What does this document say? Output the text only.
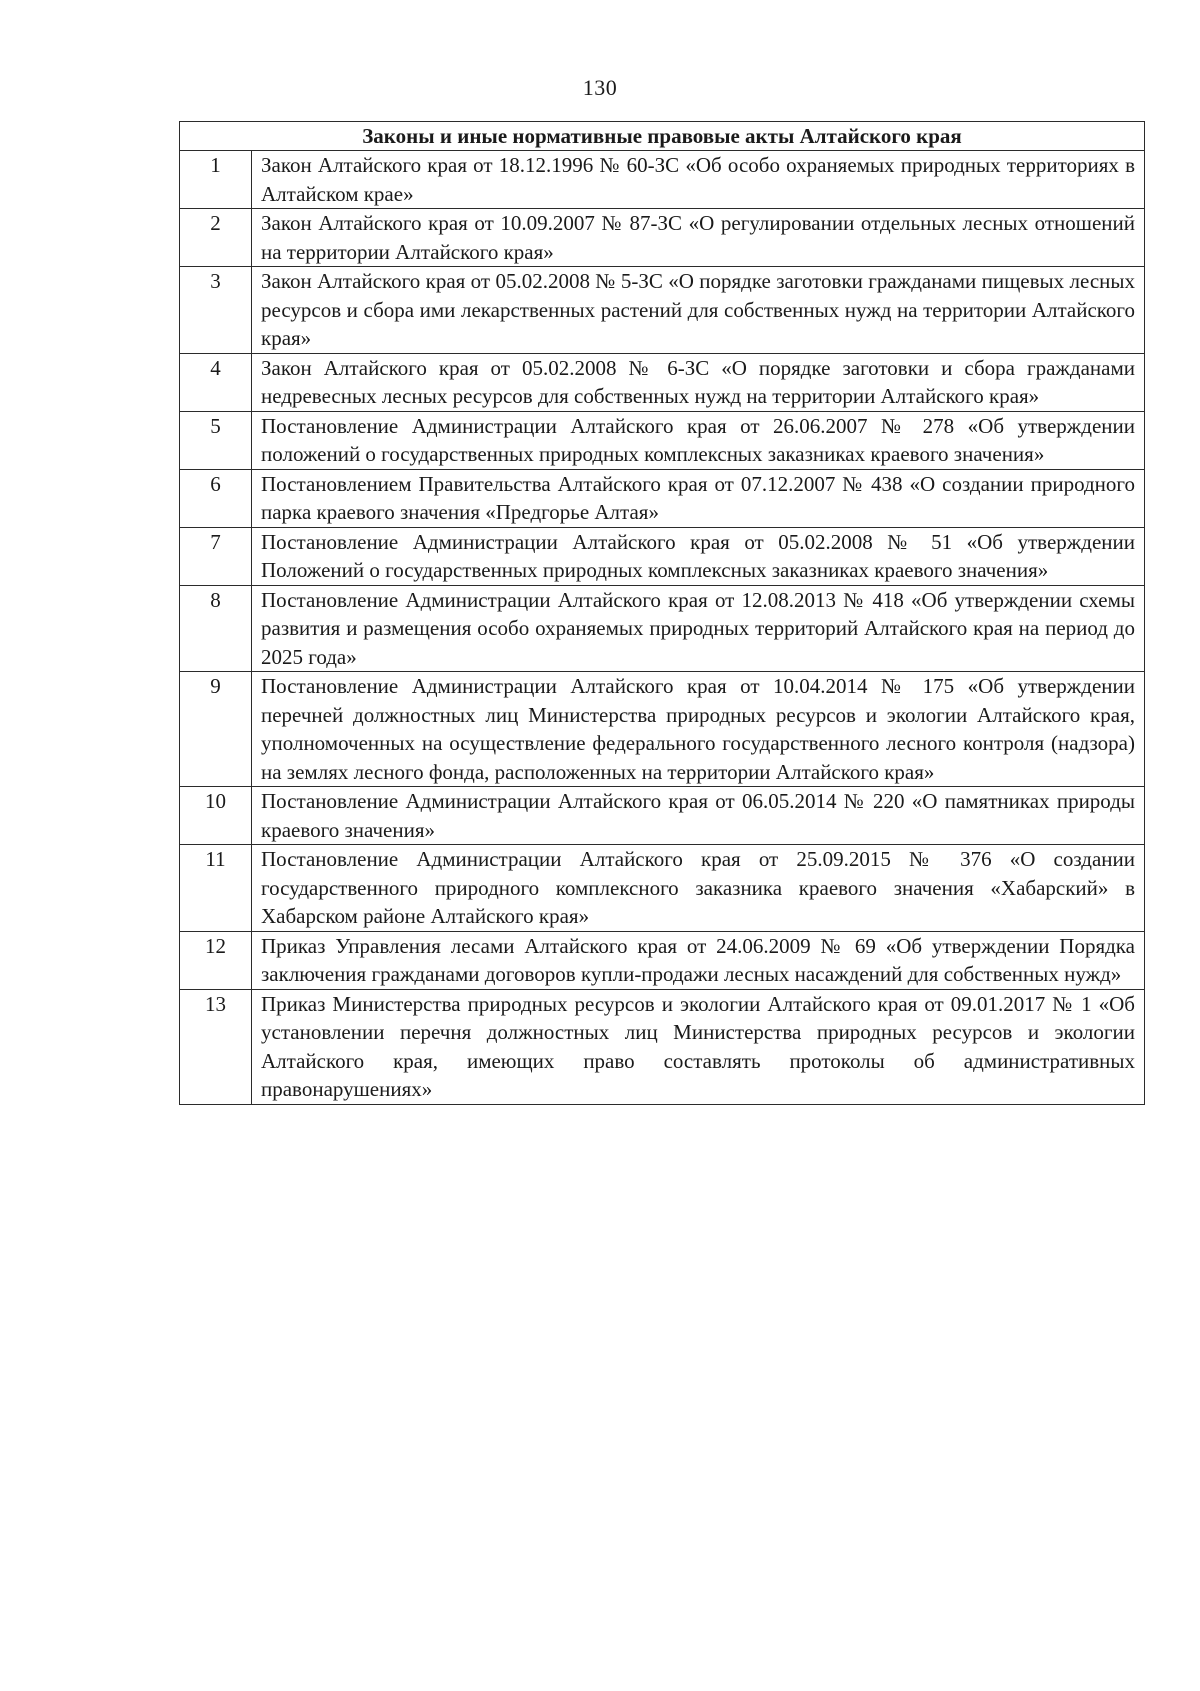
130
Законы и иные нормативные правовые акты Алтайского края	
1	Закон Алтайского края от 18.12.1996 № 60-ЗС «Об особо охраняемых природных территориях в Алтайском крае»
2	Закон Алтайского края от 10.09.2007 № 87-ЗС «О регулировании отдельных лесных отношений на территории Алтайского края»
3	Закон Алтайского края от 05.02.2008 № 5-ЗС «О порядке заготовки гражданами пищевых лесных ресурсов и сбора ими лекарственных растений для собственных нужд на территории Алтайского края»
4	Закон Алтайского края от 05.02.2008 № 6-ЗС «О порядке заготовки и сбора гражданами недревесных лесных ресурсов для собственных нужд на территории Алтайского края»
5	Постановление Администрации Алтайского края от 26.06.2007 № 278 «Об утверждении положений о государственных природных комплексных заказниках краевого значения»
6	Постановлением Правительства Алтайского края от 07.12.2007 № 438 «О создании природного парка краевого значения «Предгорье Алтая»
7	Постановление Администрации Алтайского края от 05.02.2008 № 51 «Об утверждении Положений о государственных природных комплексных заказниках краевого значения»
8	Постановление Администрации Алтайского края от 12.08.2013 № 418 «Об утверждении схемы развития и размещения особо охраняемых природных территорий Алтайского края на период до 2025 года»
9	Постановление Администрации Алтайского края от 10.04.2014 № 175 «Об утверждении перечней должностных лиц Министерства природных ресурсов и экологии Алтайского края, уполномоченных на осуществление федерального государственного лесного контроля (надзора) на землях лесного фонда, расположенных на территории Алтайского края»
10	Постановление Администрации Алтайского края от 06.05.2014 № 220 «О памятниках природы краевого значения»
11	Постановление Администрации Алтайского края от 25.09.2015 № 376 «О создании государственного природного комплексного заказника краевого значения «Хабарский» в Хабарском районе Алтайского края»
12	Приказ Управления лесами Алтайского края от 24.06.2009 № 69 «Об утверждении Порядка заключения гражданами договоров купли-продажи лесных насаждений для собственных нужд»
13	Приказ Министерства природных ресурсов и экологии Алтайского края от 09.01.2017 № 1 «Об установлении перечня должностных лиц Министерства природных ресурсов и экологии Алтайского края, имеющих право составлять протоколы об административных правонарушениях»
